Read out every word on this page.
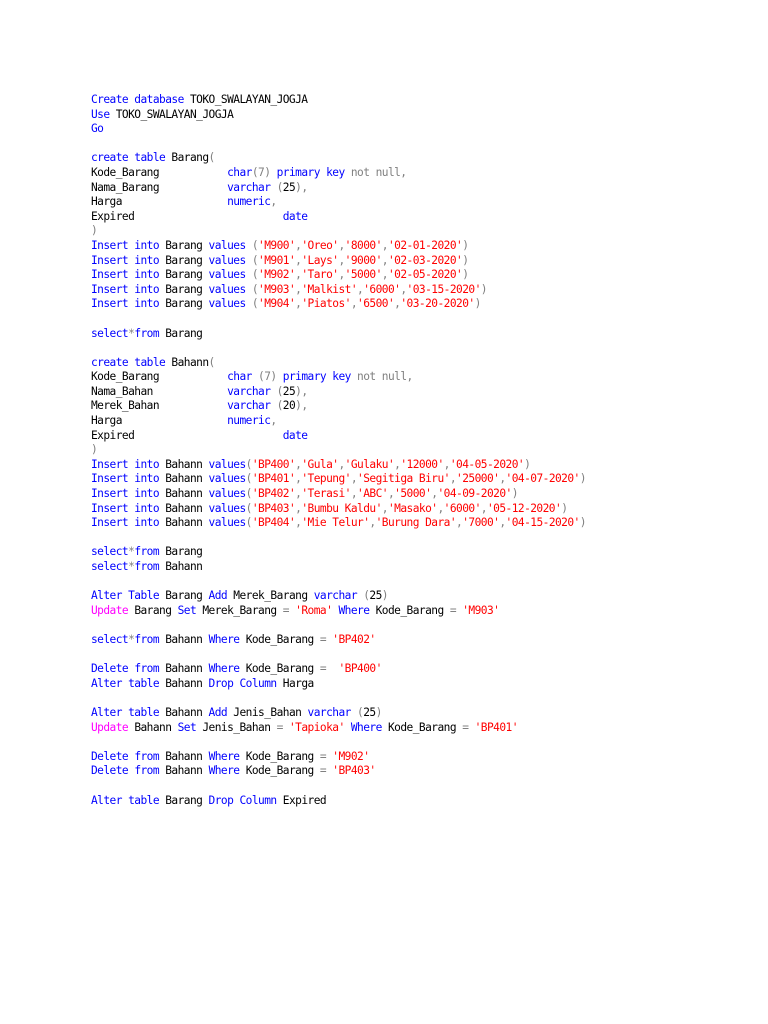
Create database TOKO_SWALAYAN_JOGJA
Use TOKO_SWALAYAN_JOGJA
Go
create table Barang(
Kode_Barang           char(7) primary key not null,
Nama_Barang           varchar (25),
Harga                 numeric,
Expired                        date
)
Insert into Barang values ('M900','Oreo','8000','02-01-2020')
Insert into Barang values ('M901','Lays','9000','02-03-2020')
Insert into Barang values ('M902','Taro','5000','02-05-2020')
Insert into Barang values ('M903','Malkist','6000','03-15-2020')
Insert into Barang values ('M904','Piatos','6500','03-20-2020')
select*from Barang
create table Bahann(
Kode_Barang           char (7) primary key not null,
Nama_Bahan            varchar (25),
Merek_Bahan           varchar (20),
Harga                 numeric,
Expired                        date
)
Insert into Bahann values('BP400','Gula','Gulaku','12000','04-05-2020')
Insert into Bahann values('BP401','Tepung','Segitiga Biru','25000','04-07-2020')
Insert into Bahann values('BP402','Terasi','ABC','5000','04-09-2020')
Insert into Bahann values('BP403','Bumbu Kaldu','Masako','6000','05-12-2020')
Insert into Bahann values('BP404','Mie Telur','Burung Dara','7000','04-15-2020')
select*from Barang
select*from Bahann
Alter Table Barang Add Merek_Barang varchar (25)
Update Barang Set Merek_Barang = 'Roma' Where Kode_Barang = 'M903'
select*from Bahann Where Kode_Barang = 'BP402'
Delete from Bahann Where Kode_Barang =  'BP400'
Alter table Bahann Drop Column Harga
Alter table Bahann Add Jenis_Bahan varchar (25)
Update Bahann Set Jenis_Bahan = 'Tapioka' Where Kode_Barang = 'BP401'
Delete from Bahann Where Kode_Barang = 'M902'
Delete from Bahann Where Kode_Barang = 'BP403'
Alter table Barang Drop Column Expired
